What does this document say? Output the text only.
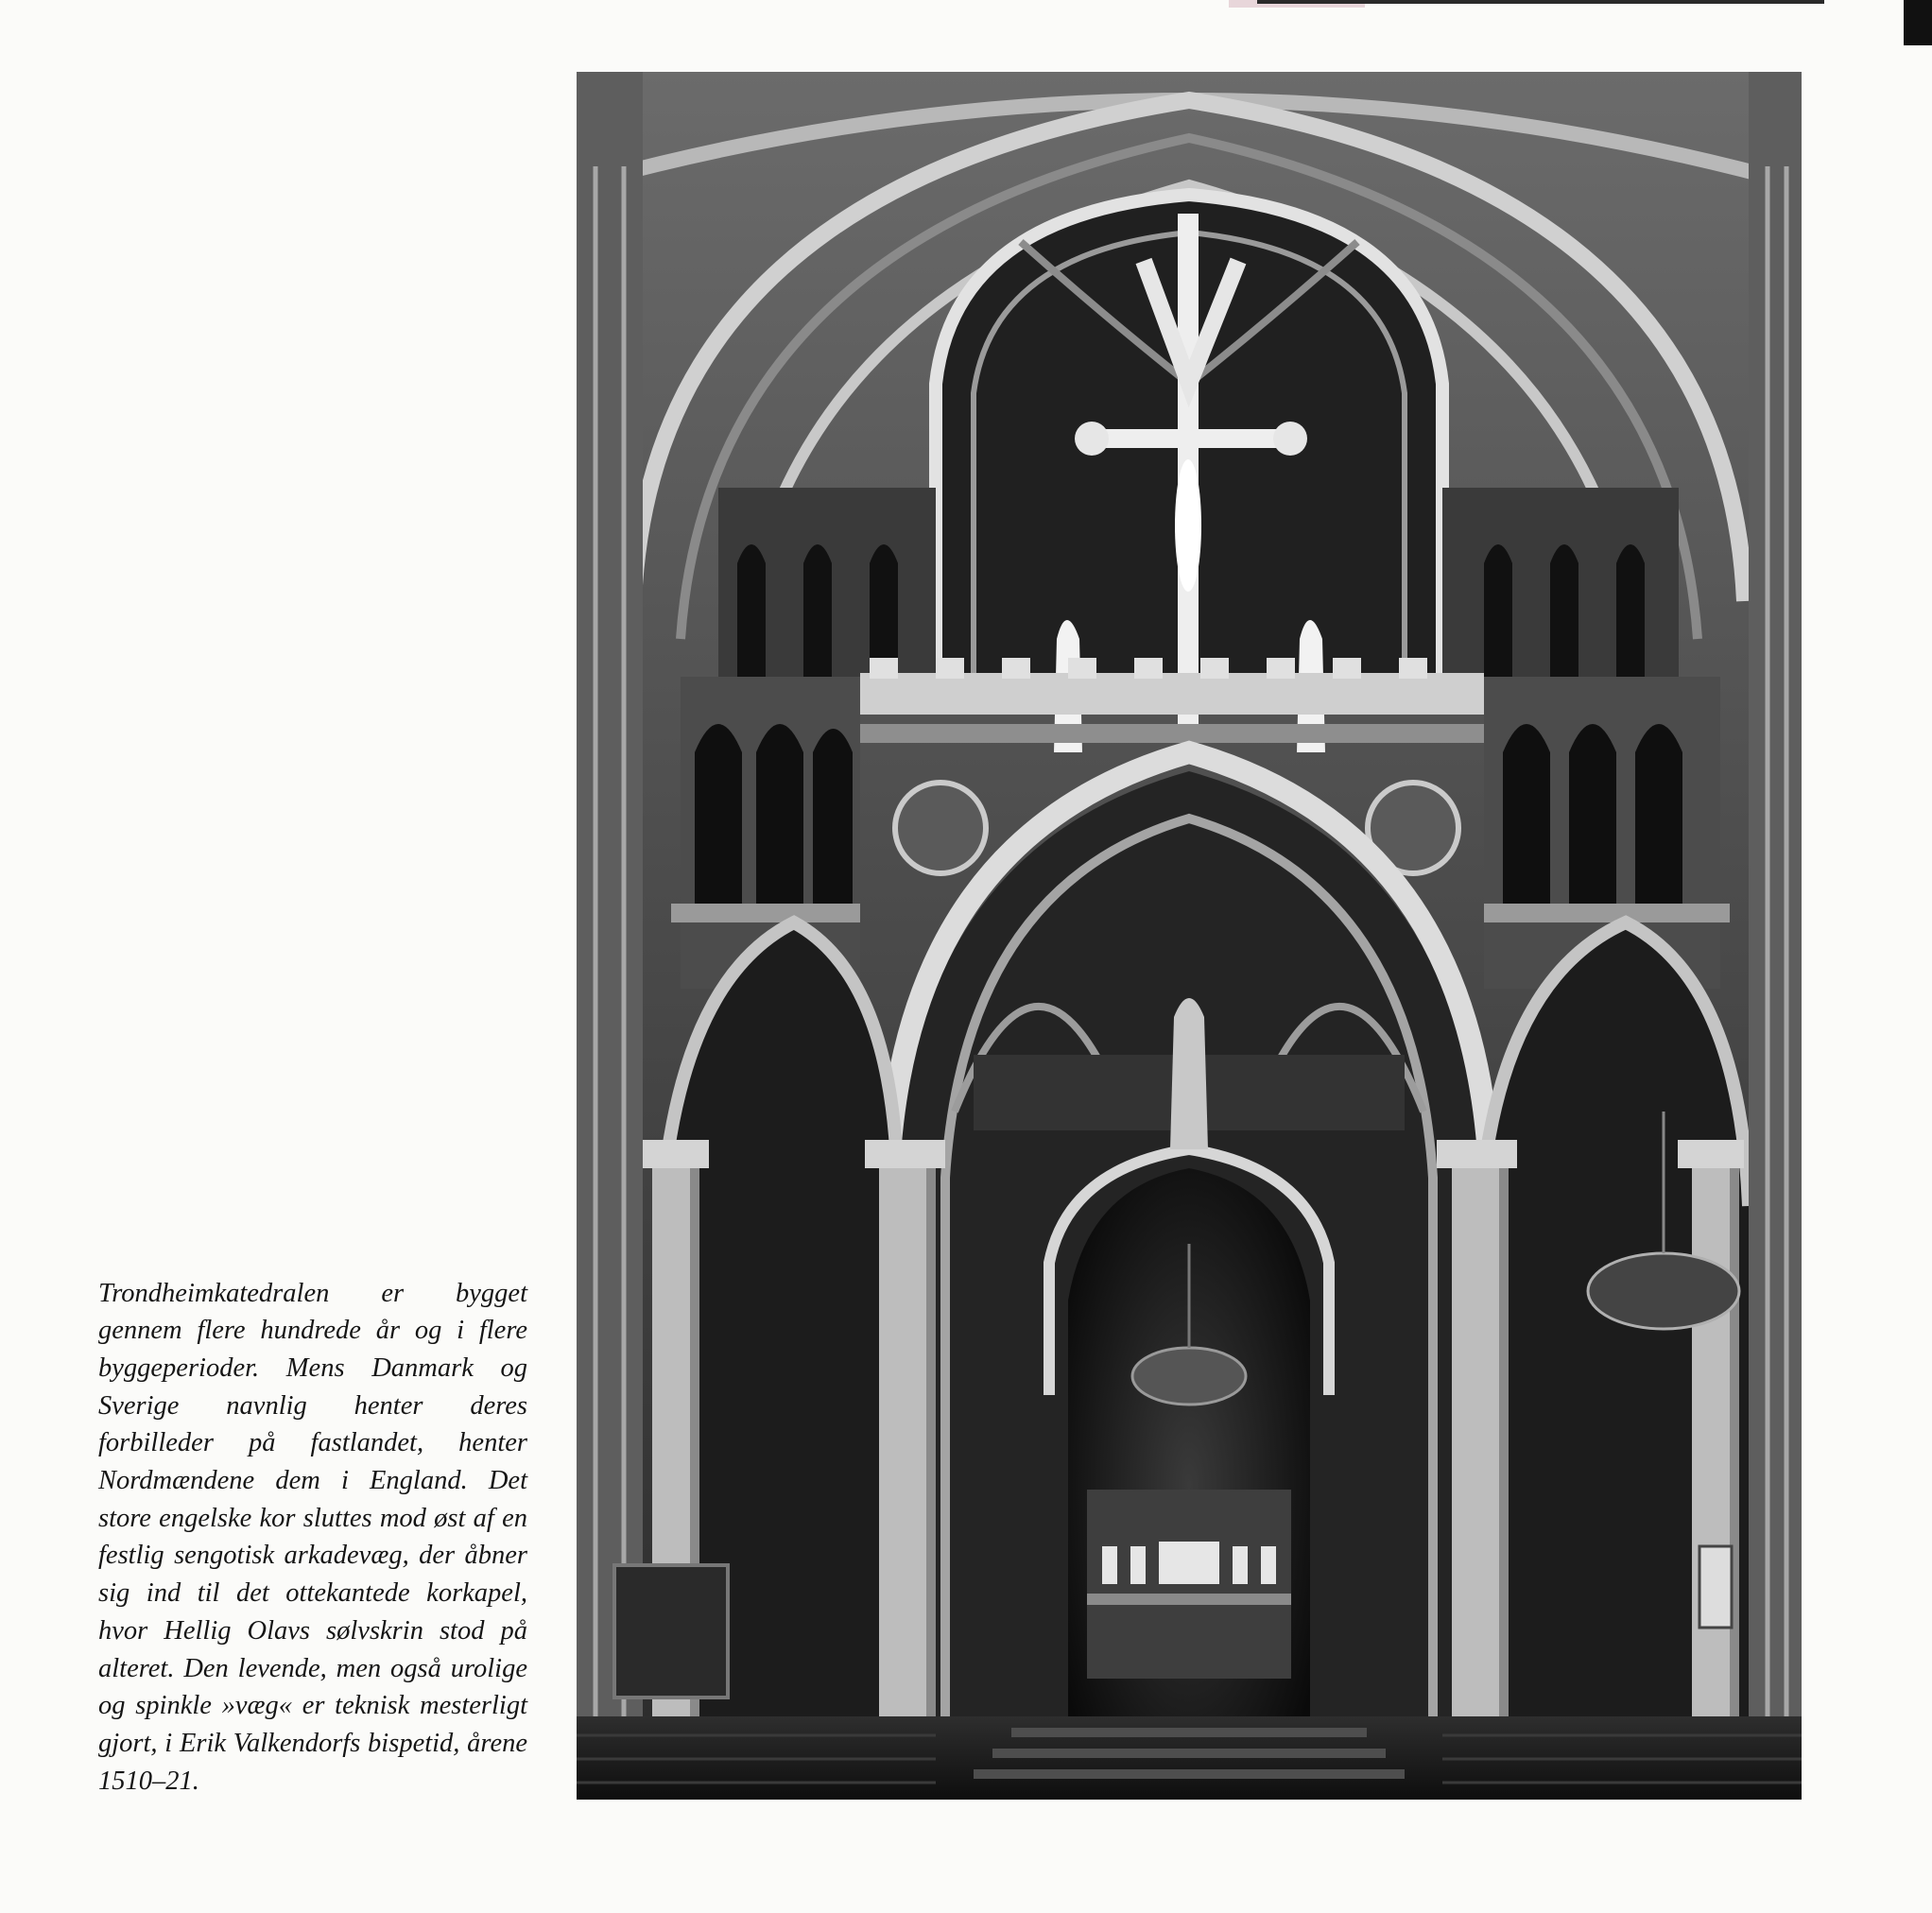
Trondheimkatedralen er bygget gennem flere hundrede år og i flere byggeperioder. Mens Danmark og Sverige navnlig henter deres forbilleder på fastlandet, henter Nordmændene dem i England. Det store engelske kor sluttes mod øst af en festlig sengotisk arkadevæg, der åbner sig ind til det ottekantede korkapel, hvor Hellig Olavs sølvskrin stod på alteret. Den levende, men også urolige og spinkle »væg« er teknisk mesterligt gjort, i Erik Valkendorfs bispetid, årene 1510–21.
